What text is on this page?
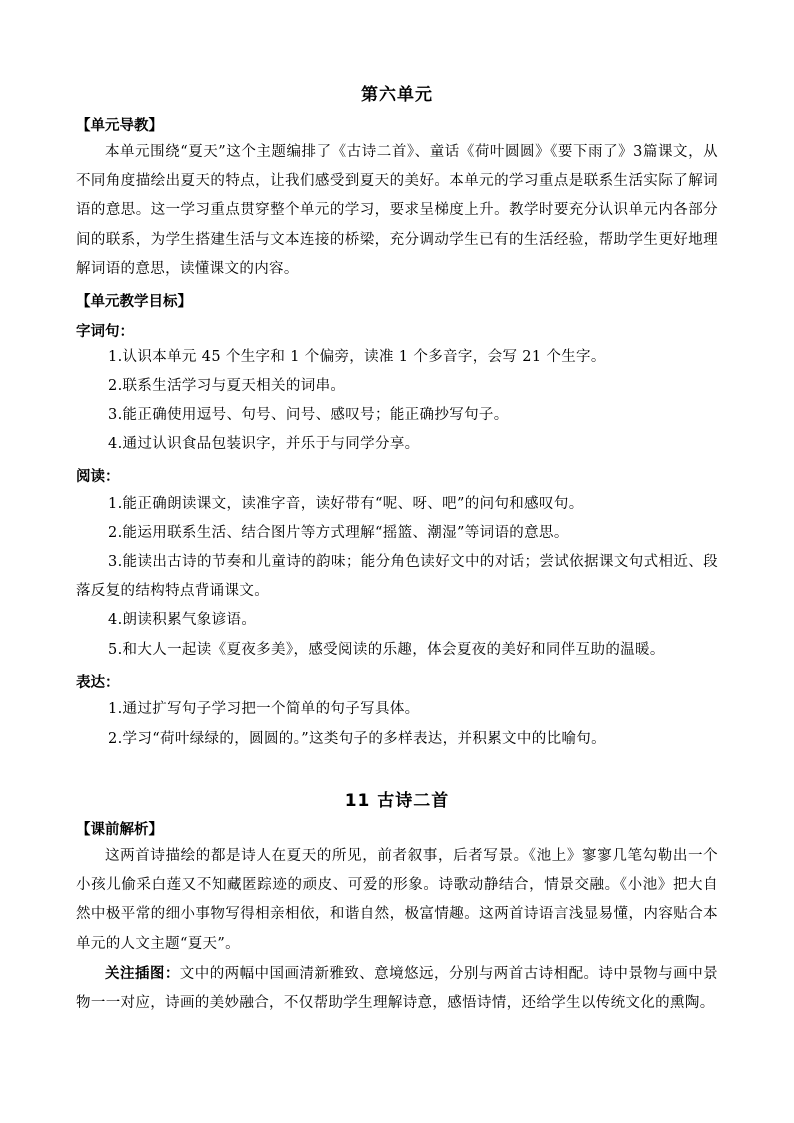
第六单元
【单元导教】
本单元围绕“夏天”这个主题编排了《古诗二首》、童话《荷叶圆圆》《要下雨了》3篇课文，从不同角度描绘出夏天的特点，让我们感受到夏天的美好。本单元的学习重点是联系生活实际了解词语的意思。这一学习重点贯穿整个单元的学习，要求呈梯度上升。教学时要充分认识单元内各部分间的联系，为学生搭建生活与文本连接的桥梁，充分调动学生已有的生活经验，帮助学生更好地理解词语的意思，读懂课文的内容。
【单元教学目标】
字词句：
1.认识本单元 45 个生字和 1 个偏旁，读准 1 个多音字，会写 21 个生字。
2.联系生活学习与夏天相关的词串。
3.能正确使用逗号、句号、问号、感叹号；能正确抄写句子。
4.通过认识食品包装识字，并乐于与同学分享。
阅读：
1.能正确朗读课文，读准字音，读好带有“呢、呀、吧”的问句和感叹句。
2.能运用联系生活、结合图片等方式理解“摇篮、潮湿”等词语的意思。
3.能读出古诗的节奏和儿童诗的韵味；能分角色读好文中的对话；尝试依据课文句式相近、段落反复的结构特点背诵课文。
4.朗读积累气象谚语。
5.和大人一起读《夏夜多美》，感受阅读的乐趣，体会夏夜的美好和同伴互助的温暖。
表达：
1.通过扩写句子学习把一个简单的句子写具体。
2.学习“荷叶绿绿的，圆圆的。”这类句子的多样表达，并积累文中的比喻句。
11 古诗二首
【课前解析】
这两首诗描绘的都是诗人在夏天的所见，前者叙事，后者写景。《池上》寥寥几笔勾勒出一个小孩儿偷采白莲又不知藏匿踪迹的顽皮、可爱的形象。诗歌动静结合，情景交融。《小池》把大自然中极平常的细小事物写得相亲相依，和谐自然，极富情趣。这两首诗语言浅显易懂，内容贴合本单元的人文主题“夏天”。
关注插图：文中的两幅中国画清新雅致、意境悠远，分别与两首古诗相配。诗中景物与画中景物一一对应，诗画的美妙融合，不仅帮助学生理解诗意，感悟诗情，还给学生以传统文化的熏陶。
